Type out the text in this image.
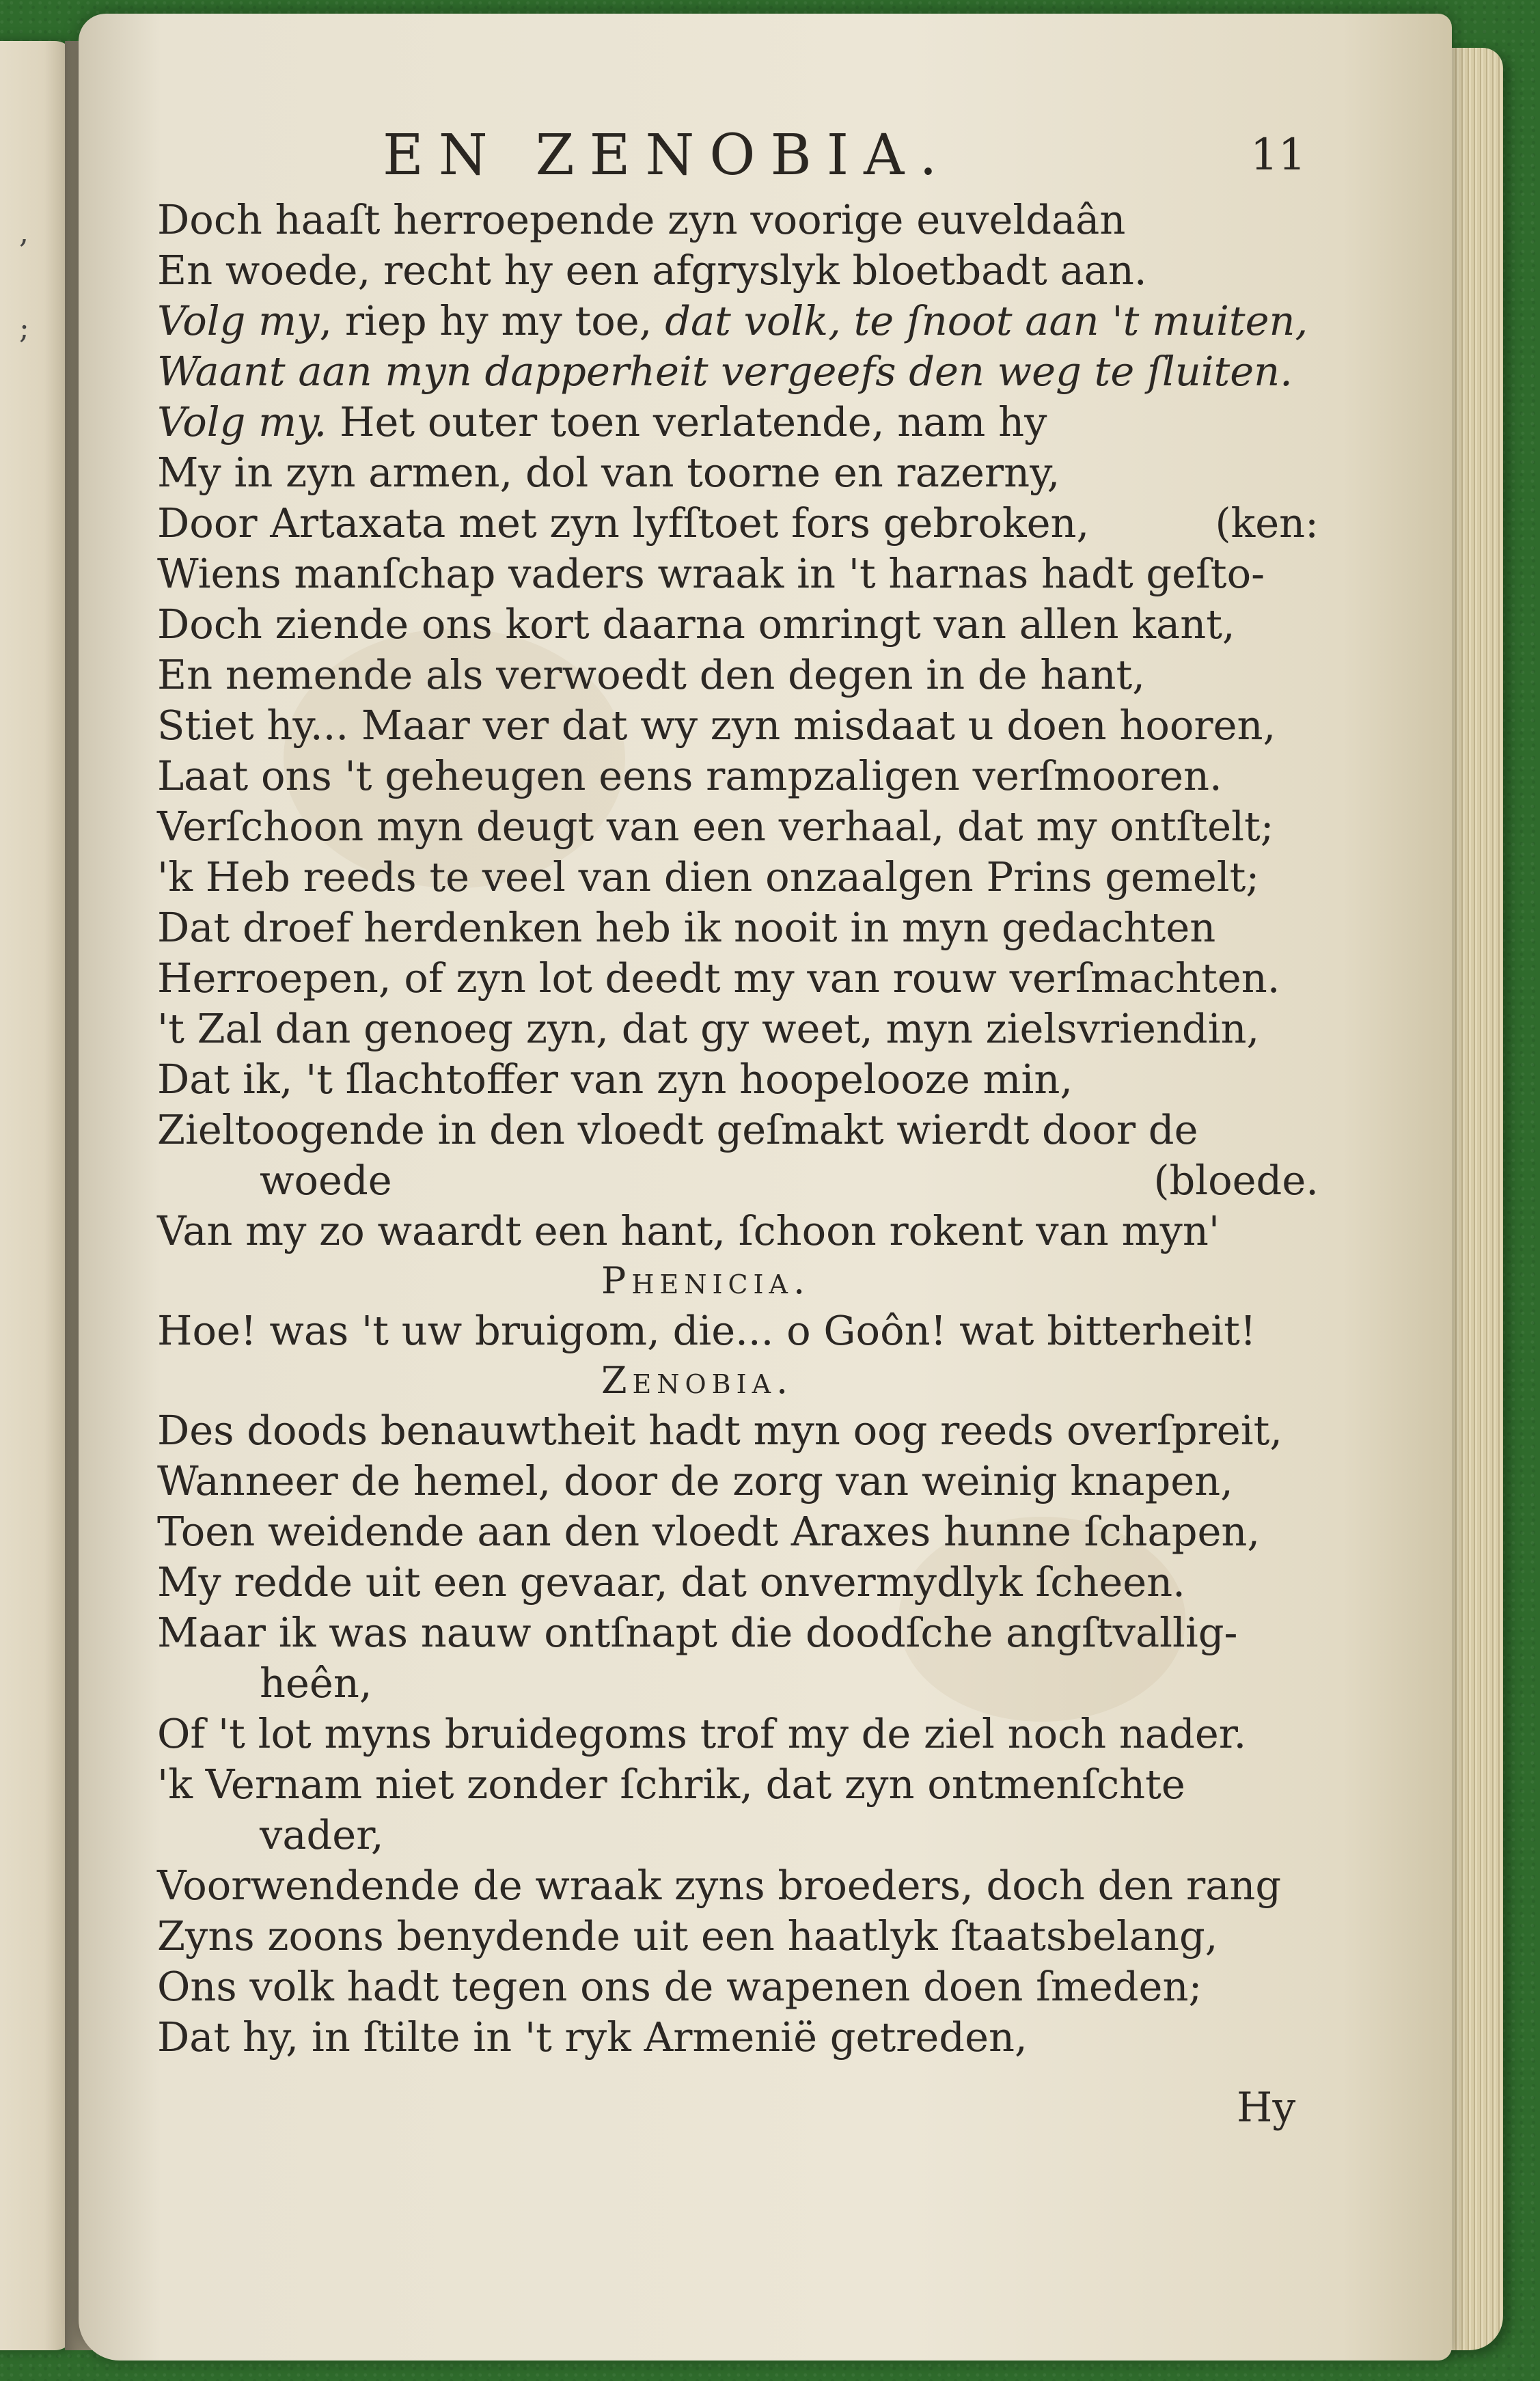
,
;
EN ZENOBIA.	11
Doch haaſt herroepende zyn voorige euveldaân
En woede, recht hy een afgryslyk bloetbadt aan.
Volg my, riep hy my toe, dat volk, te ſnoot aan 't muiten,
Waant aan myn dapperheit vergeefs den weg te ſluiten.
Volg my. Het outer toen verlatende, nam hy
My in zyn armen, dol van toorne en razerny,
Door Artaxata met zyn lyfſtoet fors gebroken,	(ken:
Wiens manſchap vaders wraak in 't harnas hadt geſto-
Doch ziende ons kort daarna omringt van allen kant,
En nemende als verwoedt den degen in de hant,
Stiet hy... Maar ver dat wy zyn misdaat u doen hooren,
Laat ons 't geheugen eens rampzaligen verſmooren.
Verſchoon myn deugt van een verhaal, dat my ontſtelt;
'k Heb reeds te veel van dien onzaalgen Prins gemelt;
Dat droef herdenken heb ik nooit in myn gedachten
Herroepen, of zyn lot deedt my van rouw verſmachten.
't Zal dan genoeg zyn, dat gy weet, myn zielsvriendin,
Dat ik, 't ſlachtoffer van zyn hoopelooze min,
Zieltoogende in den vloedt geſmakt wierdt door de
woede	(bloede.
Van my zo waardt een hant, ſchoon rokent van myn'
Phenicia.
Hoe! was 't uw bruigom, die... o Goôn! wat bitterheit!
Zenobia.
Des doods benauwtheit hadt myn oog reeds overſpreit,
Wanneer de hemel, door de zorg van weinig knapen,
Toen weidende aan den vloedt Araxes hunne ſchapen,
My redde uit een gevaar, dat onvermydlyk ſcheen.
Maar ik was nauw ontſnapt die doodſche angſtvallig-
heên,
Of 't lot myns bruidegoms trof my de ziel noch nader.
'k Vernam niet zonder ſchrik, dat zyn ontmenſchte
vader,
Voorwendende de wraak zyns broeders, doch den rang
Zyns zoons benydende uit een haatlyk ſtaatsbelang,
Ons volk hadt tegen ons de wapenen doen ſmeden;
Dat hy, in ſtilte in 't ryk Armenië getreden,
Hy
